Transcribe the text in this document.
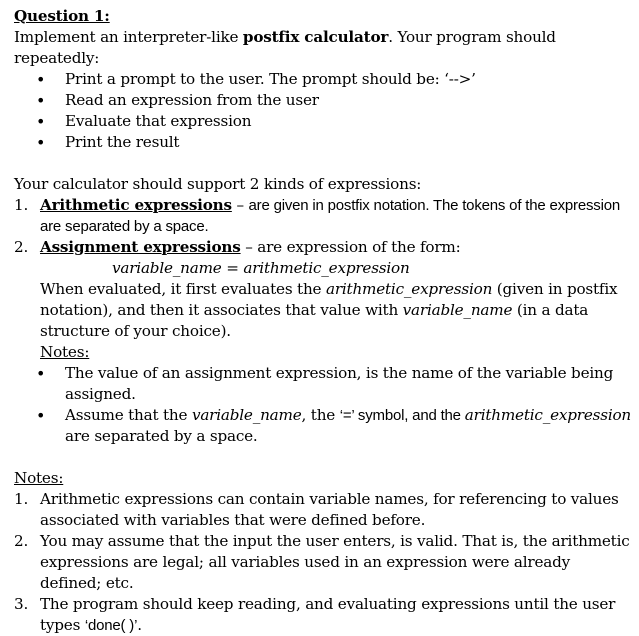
Question 1:
Implement an interpreter-like postfix calculator. Your program should repeatedly:
• Print a prompt to the user. The prompt should be: ‘-->’
• Read an expression from the user
• Evaluate that expression
• Print the result
Your calculator should support 2 kinds of expressions:
1. Arithmetic expressions – are given in postfix notation. The tokens of the expression are separated by a space.
2. Assignment expressions – are expression of the form:
variable_name = arithmetic_expression
When evaluated, it first evaluates the arithmetic_expression (given in postfix notation), and then it associates that value with variable_name (in a data structure of your choice).
Notes:
• The value of an assignment expression, is the name of the variable being assigned.
• Assume that the variable_name, the ‘=’ symbol, and the arithmetic_expression are separated by a space.
Notes:
1. Arithmetic expressions can contain variable names, for referencing to values associated with variables that were defined before.
2. You may assume that the input the user enters, is valid. That is, the arithmetic expressions are legal; all variables used in an expression were already defined; etc.
3. The program should keep reading, and evaluating expressions until the user types ‘done( )’.
